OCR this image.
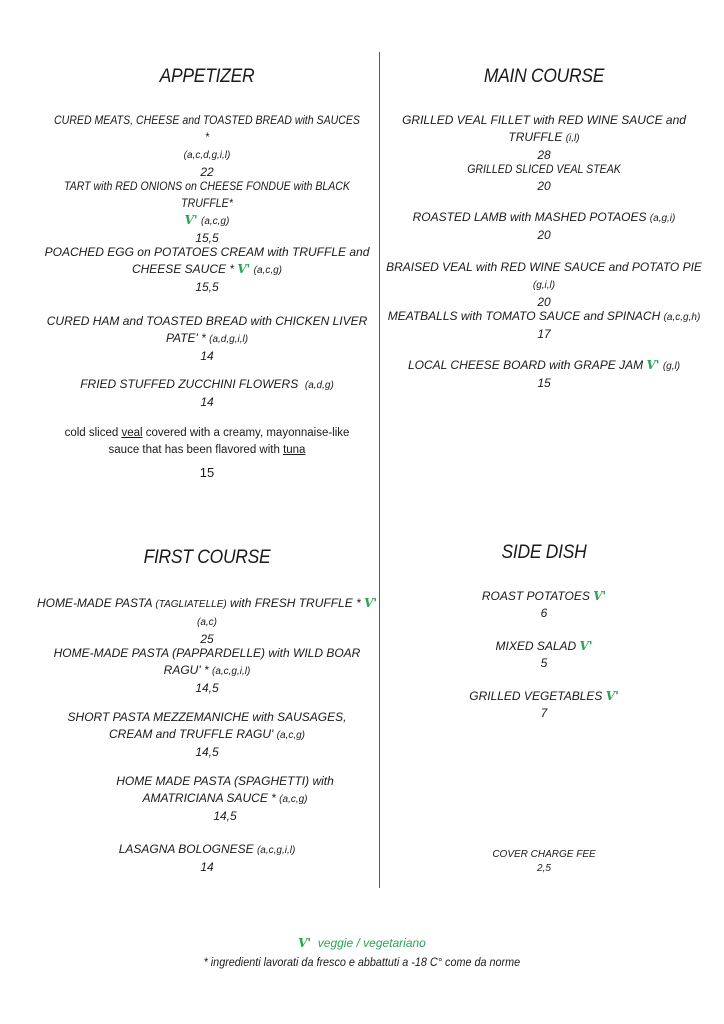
APPETIZER
CURED MEATS, CHEESE and TOASTED BREAD with SAUCES *
(a,c,d,g,i,l)
22
TART with RED ONIONS on CHEESE FONDUE with BLACK TRUFFLE*
V' (a,c,g)
15,5
POACHED EGG on POTATOES CREAM with TRUFFLE and CHEESE SAUCE * V' (a,c,g)
15,5
CURED HAM and TOASTED BREAD with CHICKEN LIVER PATE' * (a,d,g,i,l)
14
FRIED STUFFED ZUCCHINI FLOWERS (a,d,g)
14
cold sliced veal covered with a creamy, mayonnaise-like sauce that has been flavored with tuna
15
MAIN COURSE
GRILLED VEAL FILLET with RED WINE SAUCE and TRUFFLE (i,l)
28
GRILLED SLICED VEAL STEAK
20
ROASTED LAMB with MASHED POTAOES (a,g,i)
20
BRAISED VEAL with RED WINE SAUCE and POTATO PIE (g,i,l)
20
MEATBALLS with TOMATO SAUCE and SPINACH (a,c,g,h)
17
LOCAL CHEESE BOARD with GRAPE JAM V' (g,l)
15
FIRST COURSE
HOME-MADE PASTA (TAGLIATELLE) with FRESH TRUFFLE * V' (a,c)
25
HOME-MADE PASTA (PAPPARDELLE) with WILD BOAR RAGU' * (a,c,g,i,l)
14,5
SHORT PASTA MEZZEMANICHE with SAUSAGES, CREAM and TRUFFLE RAGU' (a,c,g)
14,5
HOME MADE PASTA (SPAGHETTI) with AMATRICIANA SAUCE * (a,c,g)
14,5
LASAGNA BOLOGNESE (a,c,g,i,l)
14
SIDE DISH
ROAST POTATOES V'
6
MIXED SALAD V'
5
GRILLED VEGETABLES V'
7
COVER CHARGE FEE
2,5
V' veggie / vegetariano
* ingredienti lavorati da fresco e abbattuti a -18 C° come da norme
